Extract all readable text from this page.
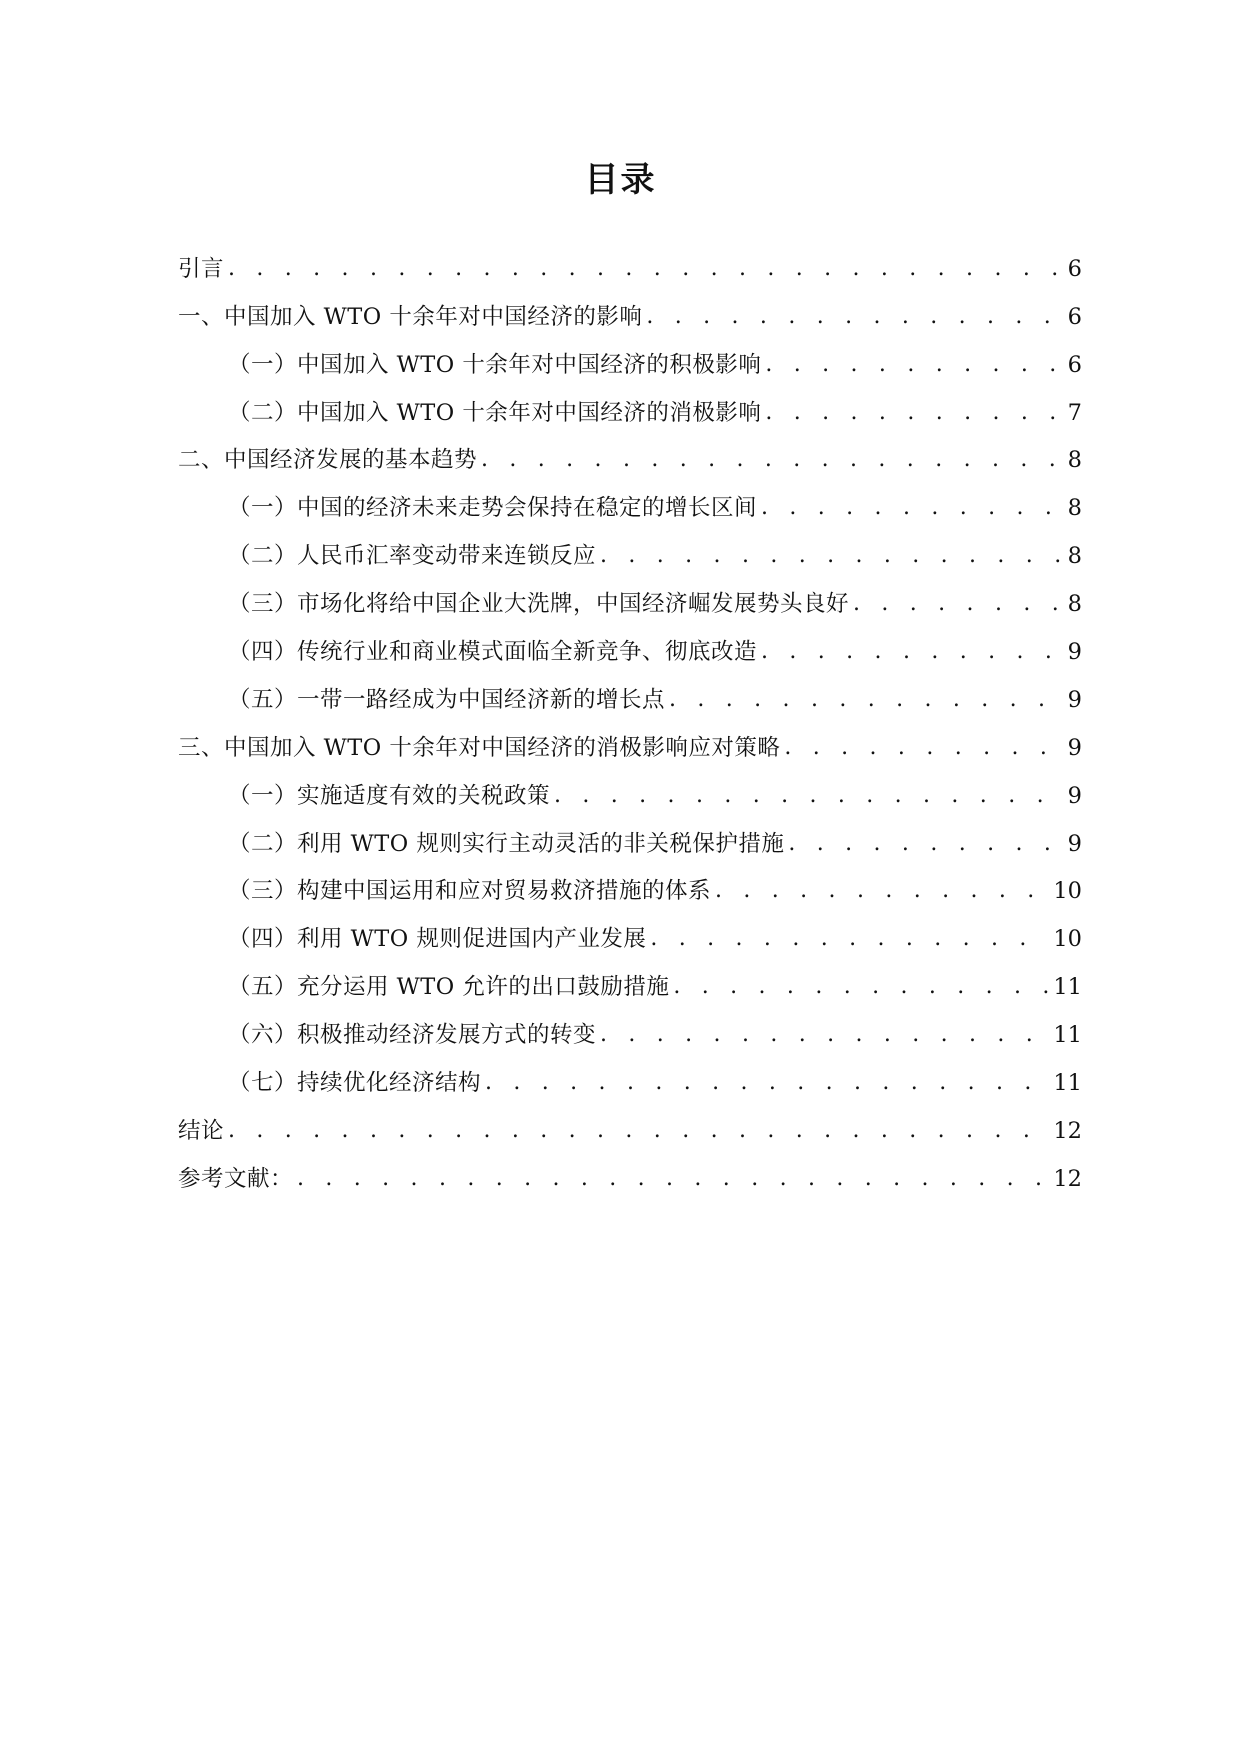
目录
引言 . . .	6
一、中国加入 WTO 十余年对中国经济的影响 . . .	6
（一）中国加入 WTO 十余年对中国经济的积极影响 . . .	6
（二）中国加入 WTO 十余年对中国经济的消极影响 . . .	7
二、中国经济发展的基本趋势 . . .	8
（一）中国的经济未来走势会保持在稳定的增长区间 . . .	8
（二）人民币汇率变动带来连锁反应 . . .	8
（三）市场化将给中国企业大洗牌，中国经济崛发展势头良好 . . .	8
（四）传统行业和商业模式面临全新竞争、彻底改造 . . .	9
（五）一带一路经成为中国经济新的增长点 . . .	9
三、中国加入 WTO 十余年对中国经济的消极影响应对策略 . . .	9
（一）实施适度有效的关税政策 . . .	9
（二）利用 WTO 规则实行主动灵活的非关税保护措施 . . .	9
（三）构建中国运用和应对贸易救济措施的体系 . . .	10
（四）利用 WTO 规则促进国内产业发展 . . .	10
（五）充分运用 WTO 允许的出口鼓励措施 . . .	11
（六）积极推动经济发展方式的转变 . . .	11
（七）持续优化经济结构 . . .	11
结论 . . .	12
参考文献： . . .	12
